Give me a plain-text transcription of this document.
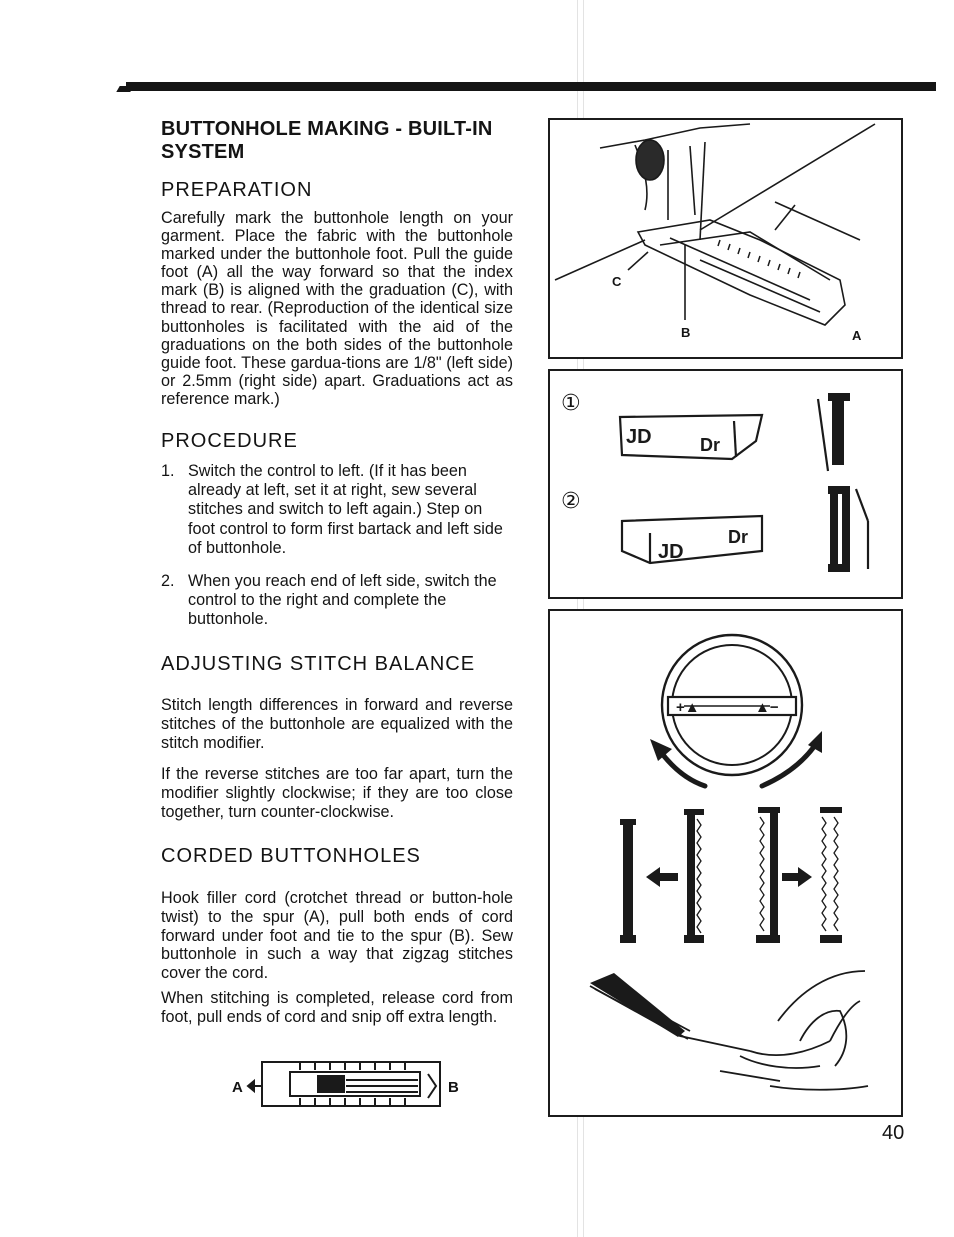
BUTTONHOLE MAKING - BUILT-IN SYSTEM
PREPARATION
Carefully mark the buttonhole length on your garment. Place the fabric with the buttonhole marked under the buttonhole foot. Pull the guide foot (A) all the way forward so that the index mark (B) is aligned with the graduation (C), with thread to rear. (Reproduction of the identical size buttonholes is facilitated with the aid of the graduations on the both sides of the buttonhole guide foot. These gardua-tions are 1/8" (left side) or 2.5mm (right side) apart. Graduations act as reference mark.)
PROCEDURE
1. Switch the control to left. (If it has been already at left, set it at right, sew several stitches and switch to left again.) Step on foot control to form first bartack and left side of buttonhole.
2. When you reach end of left side, switch the control to the right and complete the buttonhole.
ADJUSTING STITCH BALANCE
Stitch length differences in forward and reverse stitches of the buttonhole are equalized with the stitch modifier.
If the reverse stitches are too far apart, turn the modifier slightly clockwise; if they are too close together, turn counter-clockwise.
CORDED BUTTONHOLES
Hook filler cord (crotchet thread or button-hole twist) to the spur (A), pull both ends of cord forward under foot and tie to the spur (B). Sew buttonhole in such a way that zigzag stitches cover the cord.
When stitching is completed, release cord from foot, pull ends of cord and snip off extra length.
A	B
C
B	A
①
②
JD	Dr
JD
Dr
+▲	▲−
40
